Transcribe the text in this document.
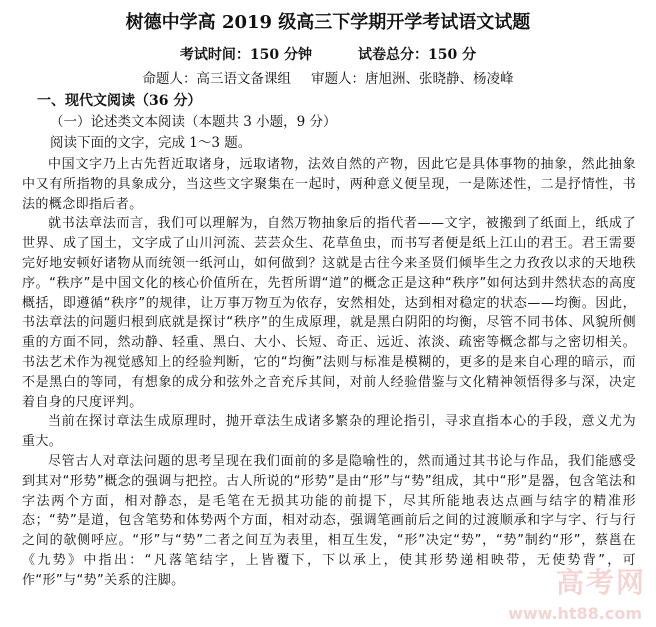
树德中学高 2019 级高三下学期开学考试语文试题
考试时间：150 分钟	试卷总分：150 分
命题人：高三语文备课组 审题人：唐旭洲、张晓静、杨凌峰
一、现代文阅读（36 分）
（一）论述类文本阅读（本题共 3 小题，9 分）
阅读下面的文字，完成 1～3 题。

中国文字乃上古先哲近取诸身，远取诸物，法效自然的产物，因此它是具体事物的抽象，然此抽象中又有所指物的具象成分，当这些文字聚集在一起时，两种意义便呈现，一是陈述性，二是抒情性，书法的概念即指后者。

就书法章法而言，我们可以理解为，自然万物抽象后的指代者——文字，被搬到了纸面上，纸成了世界、成了国土，文字成了山川河流、芸芸众生、花草鱼虫，而书写者便是纸上江山的君王。君王需要完好地安顿好诸物从而统领一纸河山，如何做到？这就是古往今来圣贤们倾毕生之力孜孜以求的天地秩序。“秩序”是中国文化的核心价值所在，先哲所谓“道”的概念正是这种“秩序”如何达到井然状态的高度概括，即遵循“秩序”的规律，让万事万物互为依存，安然相处，达到相对稳定的状态——均衡。因此，书法章法的问题归根到底就是探讨“秩序”的生成原理，就是黑白阴阳的均衡，尽管不同书体、风貌所侧重的方面不同，然动静、轻重、黑白、大小、长短、奇正、远近、浓淡、疏密等概念都与之密切相关。书法艺术作为视觉感知上的经验判断，它的“均衡”法则与标准是模糊的，更多的是来自心理的暗示，而不是黑白的等同，有想象的成分和弦外之音充斥其间，对前人经验借鉴与文化精神领悟得多与深，决定着自身的尺度评判。

当前在探讨章法生成原理时，抛开章法生成诸多繁杂的理论指引，寻求直指本心的手段，意义尤为重大。

尽管古人对章法问题的思考呈现在我们面前的多是隐喻性的，然而通过其书论与作品，我们能感受到其对“形势”概念的强调与把控。古人所说的“形势”是由“形”与“势”组成，其中“形”是器，包含笔法和字法两个方面，相对静态，是毛笔在无损其功能的前提下，尽其所能地表达点画与结字的精准形态；“势”是道，包含笔势和体势两个方面，相对动态，强调笔画前后之间的过渡顺承和字与字、行与行之间的欹侧呼应。“形”与“势”二者之间互为表里，相互生发，“形”决定“势”，“势”制约“形”，蔡邕在《九势》中指出：“凡落笔结字，上皆覆下，下以承上，使其形势递相映带，无使势背”，可作“形”与“势”关系的注脚。	高考网
www.ht88.com
